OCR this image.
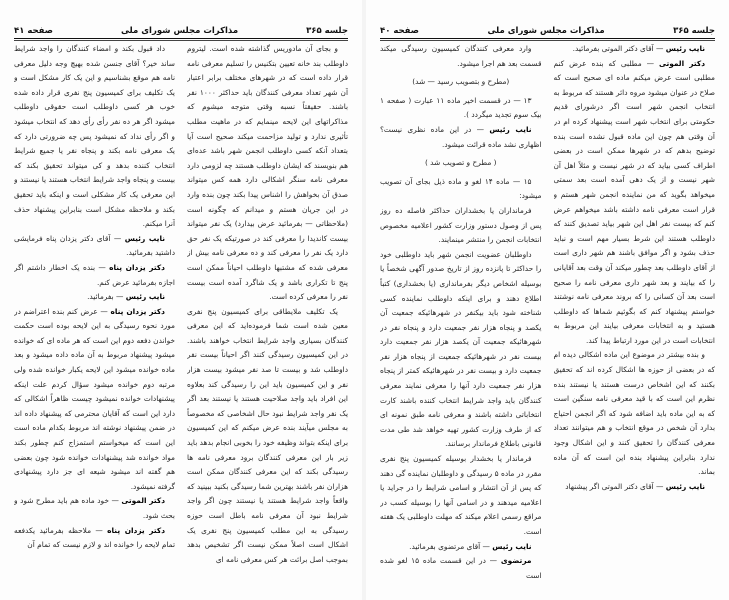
جلسه ۳۶۵
مذاکرات مجلس شورای ملی
صفحه ۴۱

و بجای آن مادوریس گذاشته شده است. لیتروم داوطلب بند خانه تعیین بتکنیس را تسلیم معرفی نامه قرار داده است که در شهرهای مختلف برابر اعتبار آن شهر تعداد معرفی کنندگان باید حداکثر ۱۰۰۰ نفر باشند. حقیقتاً نسبه وقتی متوجه میشوم که مذاکراتهای این لایحه مینمایم که در ماهیت مطلب تأثیری ندارد و تولید مزاحمت میکند صحیح است آیا بتعداد آنکه کسی داوطلب انجمن شهر باشد عده‌ای هم بنویسند که ایشان داوطلب هستند چه لزومی دارد معرفی نامه سنگر اشکالی دارد همه کس میتواند صدق آن بخواهش را اشناس پیدا بکند چون بنده وارد در این جریان هستم و میدانم که چگونه است (ملاحظاتی — بفرمائید عرض بیدارد) یک نفر میتواند بیست کاندیدا را معرفی کند در صورتیکه یک نفر حق دارد یک نفر را معرفی کند و ده معرفی نامه بیش از معرفی شده که مشتبها داوطلب احیاناً ممکن است پنج تا تکراری باشد و یک شاگرد آمده است بیست نفر را معرفی کرده است.

یک تکلیف ملایطاقی برای کمیسیون پنج نفری معین شده است شما فرموده‌اید که این معرفی کنندگان بسیاری واجد شرایط انتخاب خواهند باشند. در این کمیسیون رسیدگی کنند اگر احیاناً بیست نفر داوطلب شد و بیست تا صد نفر میشود بیست هزار نفر و این کمیسیون باید این را رسیدگی کند بعلاوه این افراد باید واجد صلاحیت هستند یا نیستند بعد اگر یک نفر واجد شرایط نبود حال اشخاصی که مخصوصاً به مجلس میآیند بنده عرض میکنم که این کمیسیون برای اینکه بتواند وظیفه خود را بخوبی انجام بدهد باید زیر بار این معرفی کنندگان برود معرفی نامه ها رسیدگی بکند که این معرفی کنندگان ممکن است هزاران نفر باشند بهترین شما رسیدگی بکنید ببینید که واقعاً واجد شرایط هستند یا نیستند چون اگر واجد شرایط نبود آن معرفی نامه باطل است حوزه رسیدگی به این مطلب کمیسیون پنج نفری یک اشکال است اصلاً ممکن نیست اگر تشخیص بدهد بموجب اصل برائت هر کس معرفی نامه ای

داد قبول بکند و امضاء کنندگان را واجد شرایط ساند خیر؟ آقای جنسن شده بهیچ وجه دلیل معرفی نامه هم موقع بشناسیم و این یک کار مشکل است و یک تکلیف برای کمیسیون پنج نفری قرار داده شده خوب هر کسی داوطلب است حقوقی داوطلب میشود اگر هر ده نفر رأی رأی دهد که انتخاب میشود و اگر رأی نداد که نمیشود پس چه ضرورتی دارد که یک معرفی نامه بکند و پنجاه نفر یا جمیع شرایط انتخاب کننده بدهد و کی میتواند تحقیق بکند که بیست و پنجاه واجد شرایط انتخاب هستند یا نیستند و این معرفی یک کار مشکلی است و اینکه باید تحقیق بکند و ملاحظه مشکل است بنابراین پیشنهاد حذف آنرا میکنم.

نایب رئیس — آقای دکتر یزدان پناه فرمایشی داشتید بفرمائید.

دکتر یزدان پناه — بنده یک اخطار داشتم اگر اجازه بفرمائید عرض کنم.

نایب رئیس — بفرمائید.

دکتر یزدان پناه — عرض کنم بنده اعتراضم در مورد نحوه رسیدگی به این لایحه بوده است حکمت خواندن دفعه دوم این است که هر ماده ای که خوانده میشود پیشنهاد مربوط به آن ماده داده میشود و بعد ماده خوانده میشود این لایحه یکبار خوانده شده ولی مرتبه دوم خوانده میشود سؤال کردم علت اینکه پیشنهادات خوانده نمیشود چیست ظاهراً اشکالی که دارد این است که آقایان محترمی که پیشنهاد داده اند در ضمن پیشنهاد نوشته اند مربوط بکدام ماده است این است که میخواستم استمزاج کنم چطور بکند مواد خوانده شد پیشنهادات خوانده شود چون بعضی هم گفته اند میشود شیعه ای جز دارد پیشنهادی گرفته نمیشود.

دکتر الموتی — خود ماده هم باید مطرح شود و بحث شود.

دکتر یزدان پناه — ملاحظه بفرمائید یکدفعه تمام لایحه را خوانده اند و لازم نیست که تمام آن

جلسه ۳۶۵
مذاکرات مجلس شورای ملی
صفحه ۴۰

نایب رئیس — آقای دکتر الموتی بفرمائید.

دکتر الموتی — مطلبی که بنده عرض کنم مطلبی است عرض میکنم ماده ای صحیح است که صلاح در عنوان میشود مروه دائر هستند که مربوط به انتخاب انجمن شهر است اگر درشورای قدیم حکومتی برای انتخاب شهر است پیشنهاد کرده ام در آن وقتی هم چون این ماده قبول نشده است بنده توضیح بدهم که در شهرها ممکن است در بعضی اطراف کسی بیاید که در شهر نیست و مثلاً اهل آن شهر نیست و از یک دهی آمده است بعد سمتی میخواهد بگوید که من نماینده انجمن شهر هستم و قرار است معرفی نامه داشته باشد میخواهم عرض کنم که بیست نفر اهل این شهر بیاید تصدیق کنند که داوطلب هستند این شرط بسیار مهم است و نباید حذف بشود و اگر موافق باشند هم شهر داری است از آقای داوطلب بعد چطور میکند آن وقت بعد آقایانی را که بیایند و بعد شهر داری معرفی نامه را صحیح است بعد آن کسانی را که بروند معرفی نامه نوشتند خواستم پیشنهاد کنم که بگوئیم شماها که داوطلب هستید و به انتخابات معرفی بیایند این مربوط به انتخابات است در این مورد ارتباط پیدا کند.

و بنده بیشتر در موضوع این ماده اشکالی دیده ام که در بعضی از حوزه ها اشکال کرده اند که تحقیق بکنند که این اشخاص درست هستند یا نیستند بنده نظرم این است که با قید معرفی نامه سنگین است که به این ماده باید اضافه شود که اگر انجمن احتیاج بدارد آن شخص در موقع انتخاب و هم میتوانند تعداد معرفی کنندگان را تحقیق کنند و این اشکال وجود ندارد بنابراین پیشنهاد بنده این است که آن ماده بماند.

نایب رئیس — آقای دکتر الموتی اگر پیشنهاد

وارد معرفی کنندگان کمیسیون رسیدگی میکند قسمت بعد هم اجرا میشود.

(مطرح و بتصویب رسید — شد)

۱۳ — در قسمت اخیر ماده ۱۱ عبارت ( صفحه ۱ بیک سوم تجدید میگردد ).

نایب رئیس — در این ماده نظری نیست؟ اظهاری نشد ماده قرائت میشود.

( مطرح و تصویب شد )

۱۵ — ماده ۱۴ لغو و ماده ذیل بجای آن تصویب میشود:

فرمانداران یا بخشداران حداکثر فاصله ده روز پس از وصول دستور وزارت کشور اعلامیه مخصوص انتخابات انجمن را منتشر مینمایند.

داوطلبان عضویت انجمن شهر باید داوطلبی خود را حداکثر تا پانزده روز از تاریخ صدور آگهی شخصاً یا بوسیله اشخاص دیگر بفرمانداری (یا بخشداری) کتباً اطلاع دهند و برای اینکه داوطلب نماینده کسی شناخته شود باید بیکنفر در شهرهائیکه جمعیت آن یکصد و پنجاه هزار نفر جمعیت دارد و پنجاه نفر در شهرهائیکه جمعیت آن یکصد هزار نفر جمعیت دارد بیست نفر در شهرهائیکه جمعیت از پنجاه هزار نفر جمعیت دارد و بیست نفر در شهرهائیکه کمتر از پنجاه هزار نفر جمعیت دارد آنها را معرفی نمایند معرفی کنندگان باید واجد شرایط انتخاب کننده باشند کارت انتخاباتی داشته باشند و معرفی نامه طبق نمونه ای که از طرف وزارت کشور تهیه خواهد شد طی مدت قانونی باطلاع فرماندار برسانند.

فرماندار یا بخشدار بوسیله کمیسیون پنج نفری مقرر در ماده ۵ رسیدگی و داوطلبان نماینده گی دهند که پس از آن انتشار و اسامی شرایط را در جراید یا اعلامیه میدهند و در اسامی آنها را بوسیله کسب در مراقع رسمی اعلام میکند که مهلت داوطلبی یک هفته است.

نایب رئیس — آقای مرتضوی بفرمائید.

مرتضوی — در این قسمت ماده ۱۵ لغو شده است
